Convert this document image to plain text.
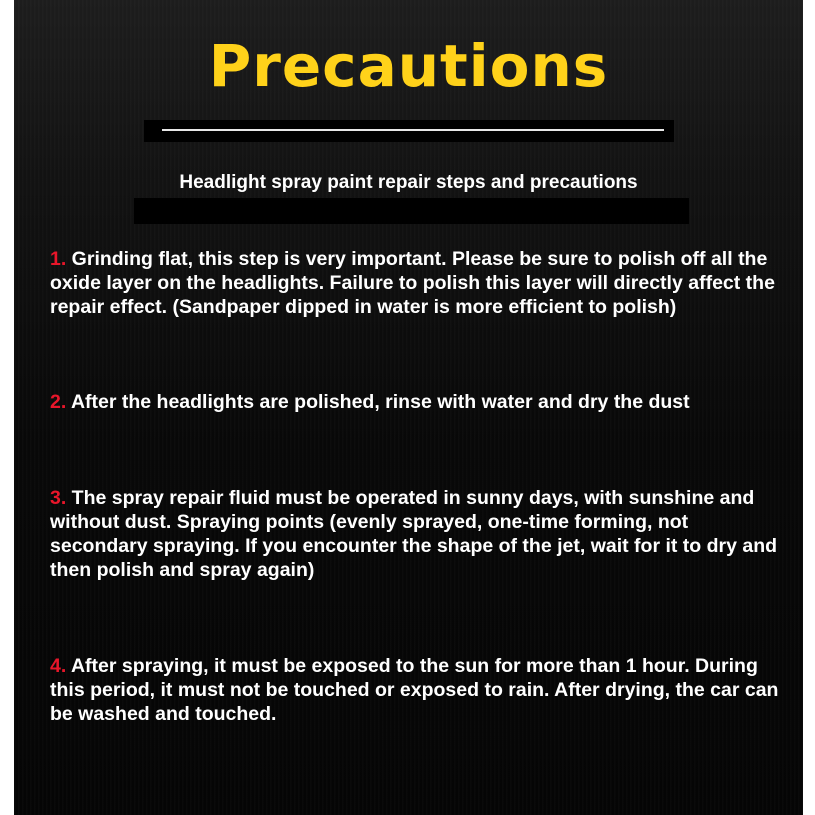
Precautions
Headlight spray paint repair steps and precautions

1. Grinding flat, this step is very important. Please be sure to polish off all the oxide layer on the headlights. Failure to polish this layer will directly affect the repair effect. (Sandpaper dipped in water is more efficient to polish)

2. After the headlights are polished, rinse with water and dry the dust

3. The spray repair fluid must be operated in sunny days, with sunshine and without dust. Spraying points (evenly sprayed, one-time forming, not secondary spraying. If you encounter the shape of the jet, wait for it to dry and then polish and spray again)

4. After spraying, it must be exposed to the sun for more than 1 hour. During this period, it must not be touched or exposed to rain. After drying, the car can be washed and touched.
